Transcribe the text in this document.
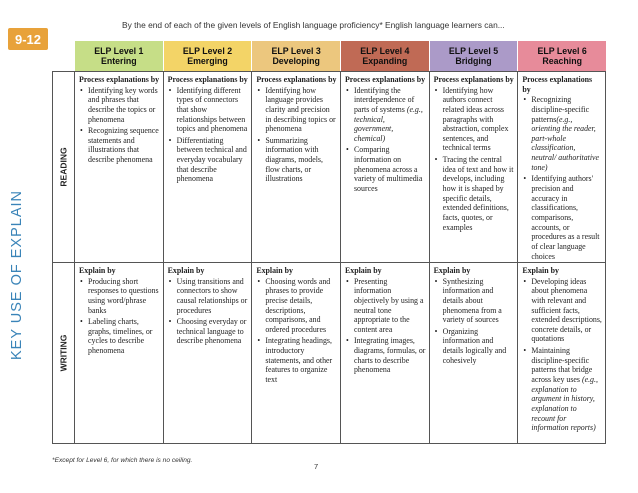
9-12
By the end of each of the given levels of English language proficiency* English language learners can...
KEY USE OF EXPLAIN
ELP Level 1
Entering
ELP Level 2
Emerging
ELP Level 3
Developing
ELP Level 4
Expanding
ELP Level 5
Bridging
ELP Level 6
Reaching
READING
Process explanations by
• Identifying key words and phrases that describe the topics or phenomena
• Recognizing sequence statements and illustrations that describe phenomena
Process explanations by
• Identifying different types of connectors that show relationships between topics and phenomena
• Differentiating between technical and everyday vocabulary that describe phenomena
Process explanations by
• Identifying how language provides clarity and precision in describing topics or phenomena
• Summarizing information with diagrams, models, flow charts, or illustrations
Process explanations by
• Identifying the interdependence of parts of systems (e.g., technical, government, chemical)
• Comparing information on phenomena across a variety of multimedia sources
Process explanations by
• Identifying how authors connect related ideas across paragraphs with abstraction, complex sentences, and technical terms
• Tracing the central idea of text and how it develops, including how it is shaped by specific details, extended definitions, facts, quotes, or examples
Process explanations by
• Recognizing discipline-specific patterns(e.g., orienting the reader, part-whole classification, neutral/ authoritative tone)
• Identifying authors' precision and accuracy in classifications, comparisons, accounts, or procedures as a result of clear language choices
WRITING
Explain by
• Producing short responses to questions using word/phrase banks
• Labeling charts, graphs, timelines, or cycles to describe phenomena
Explain by
• Using transitions and connectors to show causal relationships or procedures
• Choosing everyday or technical language to describe phenomena
Explain by
• Choosing words and phrases to provide precise details, descriptions, comparisons, and ordered procedures
• Integrating headings, introductory statements, and other features to organize text
Explain by
• Presenting information objectively by using a neutral tone appropriate to the content area
• Integrating images, diagrams, formulas, or charts to describe phenomena
Explain by
• Synthesizing information and details about phenomena from a variety of sources
• Organizing information and details logically and cohesively
Explain by
• Developing ideas about phenomena with relevant and sufficient facts, extended descriptions, concrete details, or quotations
• Maintaining discipline-specific patterns that bridge across key uses (e.g., explanation to argument in history, explanation to recount for information reports)
*Except for Level 6, for which there is no ceiling.
7
